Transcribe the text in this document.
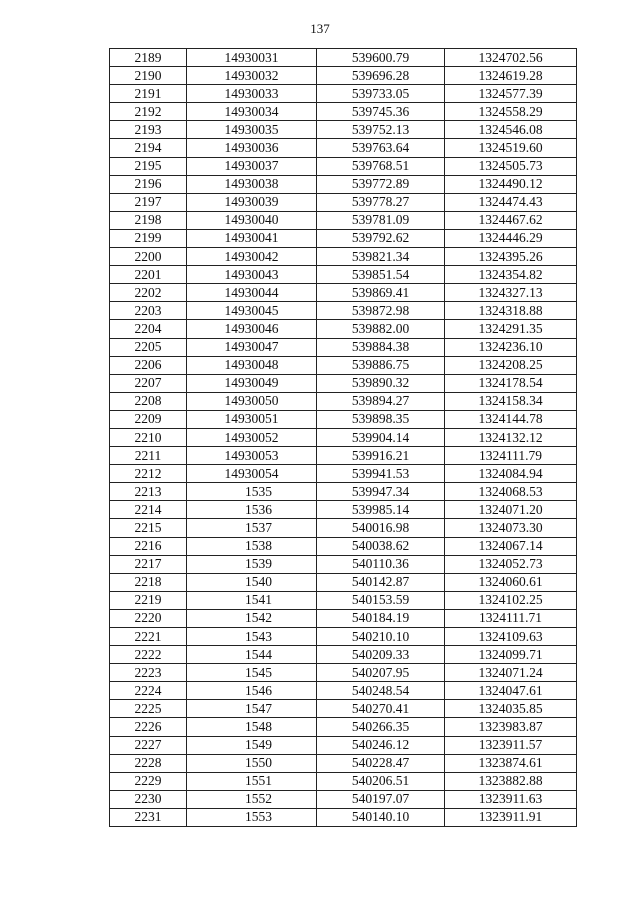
137
2189	14930031	539600.79	1324702.56
2190	14930032	539696.28	1324619.28
2191	14930033	539733.05	1324577.39
2192	14930034	539745.36	1324558.29
2193	14930035	539752.13	1324546.08
2194	14930036	539763.64	1324519.60
2195	14930037	539768.51	1324505.73
2196	14930038	539772.89	1324490.12
2197	14930039	539778.27	1324474.43
2198	14930040	539781.09	1324467.62
2199	14930041	539792.62	1324446.29
2200	14930042	539821.34	1324395.26
2201	14930043	539851.54	1324354.82
2202	14930044	539869.41	1324327.13
2203	14930045	539872.98	1324318.88
2204	14930046	539882.00	1324291.35
2205	14930047	539884.38	1324236.10
2206	14930048	539886.75	1324208.25
2207	14930049	539890.32	1324178.54
2208	14930050	539894.27	1324158.34
2209	14930051	539898.35	1324144.78
2210	14930052	539904.14	1324132.12
2211	14930053	539916.21	1324111.79
2212	14930054	539941.53	1324084.94
2213	1535	539947.34	1324068.53
2214	1536	539985.14	1324071.20
2215	1537	540016.98	1324073.30
2216	1538	540038.62	1324067.14
2217	1539	540110.36	1324052.73
2218	1540	540142.87	1324060.61
2219	1541	540153.59	1324102.25
2220	1542	540184.19	1324111.71
2221	1543	540210.10	1324109.63
2222	1544	540209.33	1324099.71
2223	1545	540207.95	1324071.24
2224	1546	540248.54	1324047.61
2225	1547	540270.41	1324035.85
2226	1548	540266.35	1323983.87
2227	1549	540246.12	1323911.57
2228	1550	540228.47	1323874.61
2229	1551	540206.51	1323882.88
2230	1552	540197.07	1323911.63
2231	1553	540140.10	1323911.91
